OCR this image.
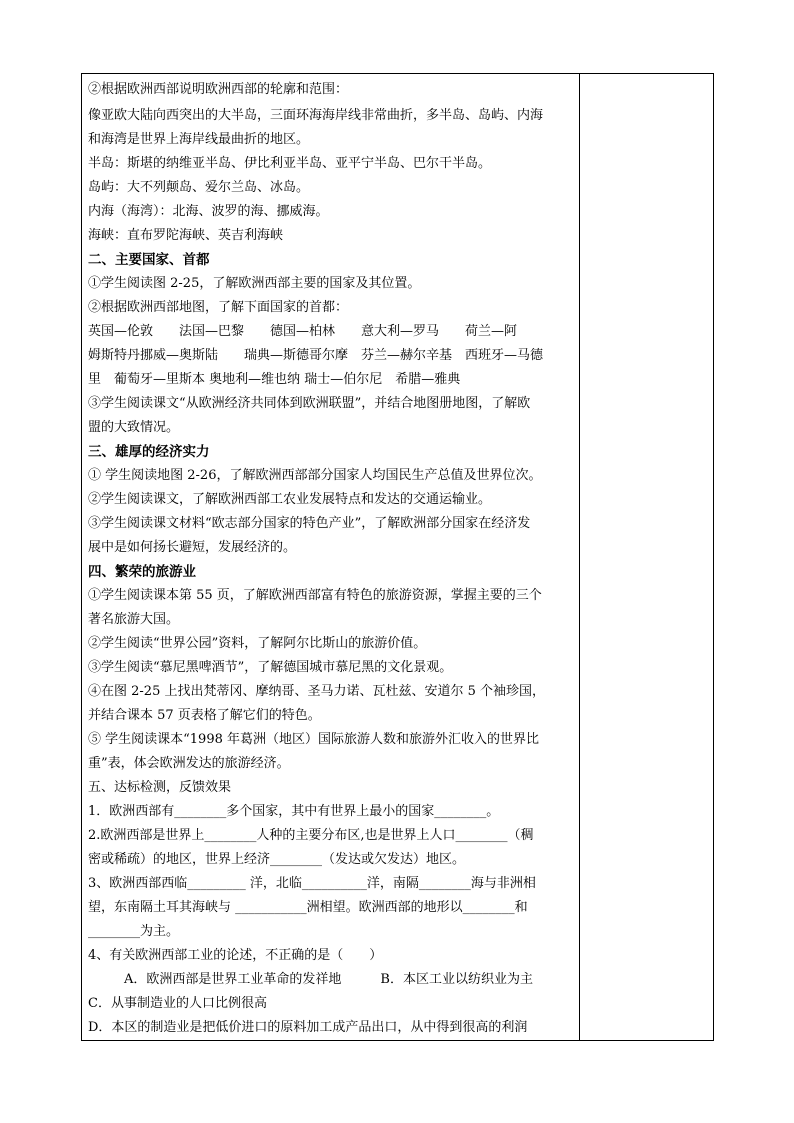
②根据欧洲西部说明欧洲西部的轮廓和范围：
像亚欧大陆向西突出的大半岛，三面环海海岸线非常曲折，多半岛、岛屿、内海
和海湾是世界上海岸线最曲折的地区。
半岛：斯堪的纳维亚半岛、伊比利亚半岛、亚平宁半岛、巴尔干半岛。
岛屿：大不列颠岛、爱尔兰岛、冰岛。
内海（海湾）：北海、波罗的海、挪威海。
海峡：直布罗陀海峡、英吉利海峡
二、主要国家、首都
①学生阅读图 2-25，了解欧洲西部主要的国家及其位置。
②根据欧洲西部地图，了解下面国家的首都：
英国—伦敦　　法国—巴黎　　德国—柏林　　意大利—罗马　　荷兰—阿
姆斯特丹挪威—奥斯陆　　瑞典—斯德哥尔摩　芬兰—赫尔辛基　西班牙—马德
里　葡萄牙—里斯本 奥地利—维也纳 瑞士—伯尔尼　希腊—雅典
③学生阅读课文“从欧洲经济共同体到欧洲联盟”，并结合地图册地图，了解欧
盟的大致情况。
三、雄厚的经济实力
① 学生阅读地图 2-26，了解欧洲西部部分国家人均国民生产总值及世界位次。
②学生阅读课文，了解欧洲西部工农业发展特点和发达的交通运输业。
③学生阅读课文材料“欧志部分国家的特色产业”，了解欧洲部分国家在经济发
展中是如何扬长避短，发展经济的。
四、繁荣的旅游业
①学生阅读课本第 55 页，了解欧洲西部富有特色的旅游资源，掌握主要的三个
著名旅游大国。
②学生阅读“世界公园”资料，了解阿尔比斯山的旅游价值。
③学生阅读“慕尼黑啤酒节”，了解德国城市慕尼黑的文化景观。
④在图 2-25 上找出梵蒂冈、摩纳哥、圣马力诺、瓦杜兹、安道尔 5 个袖珍国，
并结合课本 57 页表格了解它们的特色。
⑤ 学生阅读课本“1998 年葛洲（地区）国际旅游人数和旅游外汇收入的世界比
重”表，体会欧洲发达的旅游经济。
五、达标检测，反馈效果
1．欧洲西部有________多个国家，其中有世界上最小的国家________。
2.欧洲西部是世界上________人种的主要分布区,也是世界上人口________（稠
密或稀疏）的地区，世界上经济________（发达或欠发达）地区。
3、欧洲西部西临_________ 洋，北临__________洋，南隔________海与非洲相
望，东南隔土耳其海峡与 ___________洲相望。欧洲西部的地形以________和
________为主。
4、有关欧洲西部工业的论述，不正确的是（　　）
A．欧洲西部是世界工业革命的发祥地　　　B．本区工业以纺织业为主
C．从事制造业的人口比例很高
D．本区的制造业是把低价进口的原料加工成产品出口，从中得到很高的利润
